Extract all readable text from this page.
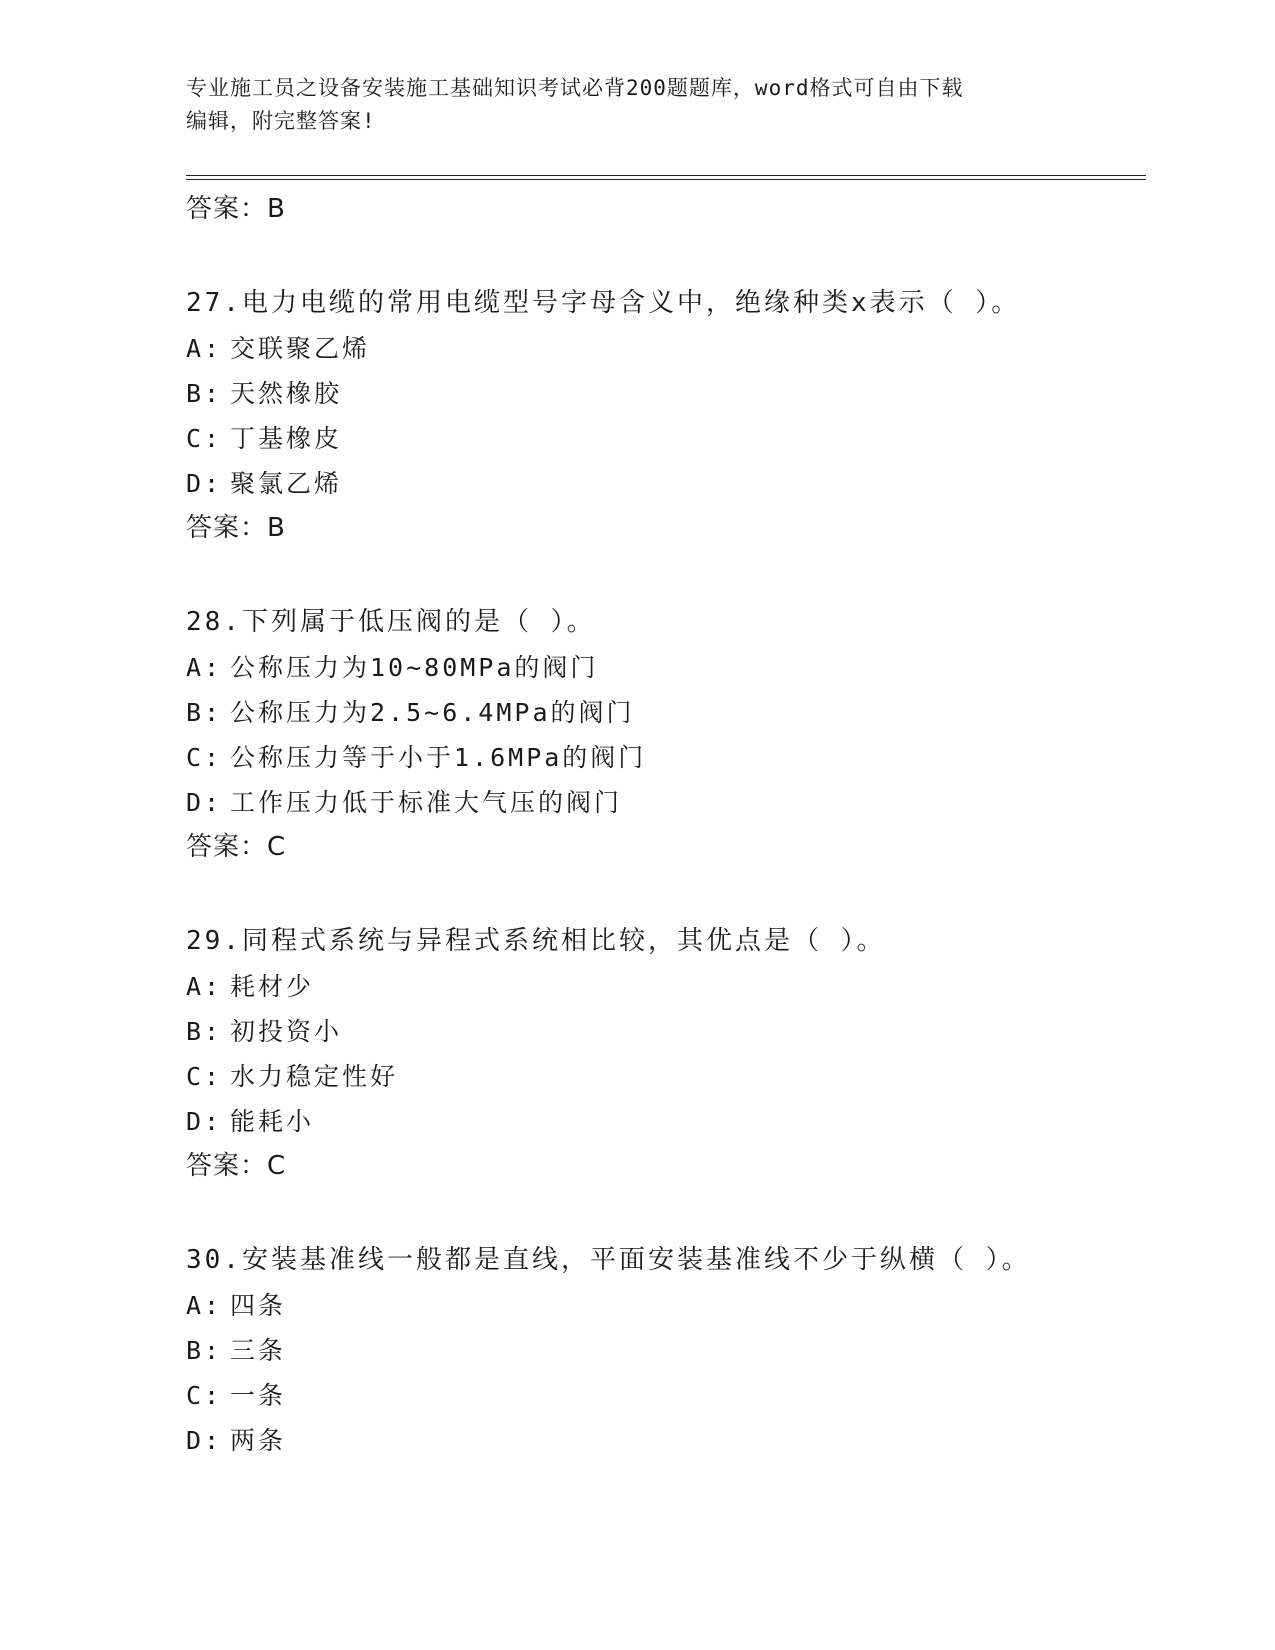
专业施工员之设备安装施工基础知识考试必背200题题库，word格式可自由下载
编辑，附完整答案!
答案：B
27.电力电缆的常用电缆型号字母含义中，绝缘种类x表示（ ）。
A: 交联聚乙烯
B: 天然橡胶
C: 丁基橡皮
D: 聚氯乙烯
答案：B
28.下列属于低压阀的是（ ）。
A: 公称压力为10~80MPa的阀门
B: 公称压力为2.5~6.4MPa的阀门
C: 公称压力等于小于1.6MPa的阀门
D: 工作压力低于标准大气压的阀门
答案：C
29.同程式系统与异程式系统相比较，其优点是（ ）。
A: 耗材少
B: 初投资小
C: 水力稳定性好
D: 能耗小
答案：C
30.安装基准线一般都是直线，平面安装基准线不少于纵横（ ）。
A: 四条
B: 三条
C: 一条
D: 两条
